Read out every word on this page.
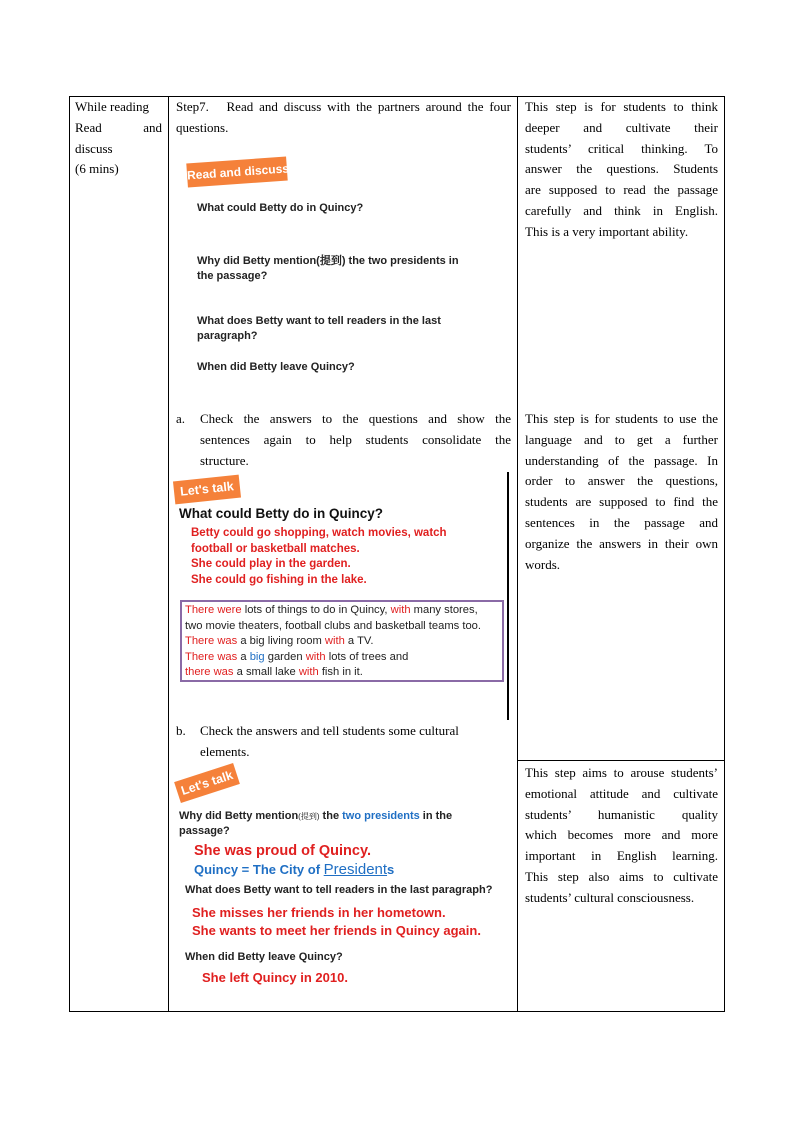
While reading
Read	and
discuss
(6 mins)
Step7. Read and discuss with the partners around the four
questions.
Read and discuss
What could Betty do in Quincy?
Why did Betty mention(提到) the two presidents in
the passage?
What does Betty want to tell readers in the last
paragraph?
When did Betty leave Quincy?
a. Check the answers to the questions and show the
sentences again to help students consolidate the
structure.
Let's talk
What could Betty do in Quincy?
Betty could go shopping, watch movies, watch
football or basketball matches.
She could play in the garden.
She could go fishing in the lake.
There were lots of things to do in Quincy, with many stores,
two movie theaters, football clubs and basketball teams too.
There was a big living room with a TV.
There was a big garden with lots of trees and
there was a small lake with fish in it.
b. Check the answers and tell students some cultural
elements.
Let's talk
Why did Betty mention(提到) the two presidents in the
passage?
She was proud of Quincy.
Quincy = The City of Presidents
What does Betty want to tell readers in the last paragraph?
She misses her friends in her hometown.
She wants to meet her friends in Quincy again.
When did Betty leave Quincy?
She left Quincy in 2010.
This step is for students to think
deeper and cultivate their
students’ critical thinking. To
answer the questions. Students
are supposed to read the passage
carefully and think in English.
This is a very important ability.
This step is for students to use the
language and to get a further
understanding of the passage. In
order to answer the questions,
students are supposed to find the
sentences in the passage and
organize the answers in their own
words.
This step aims to arouse students’
emotional attitude and cultivate
students’ humanistic quality
which becomes more and more
important in English learning.
This step also aims to cultivate
students’ cultural consciousness.
